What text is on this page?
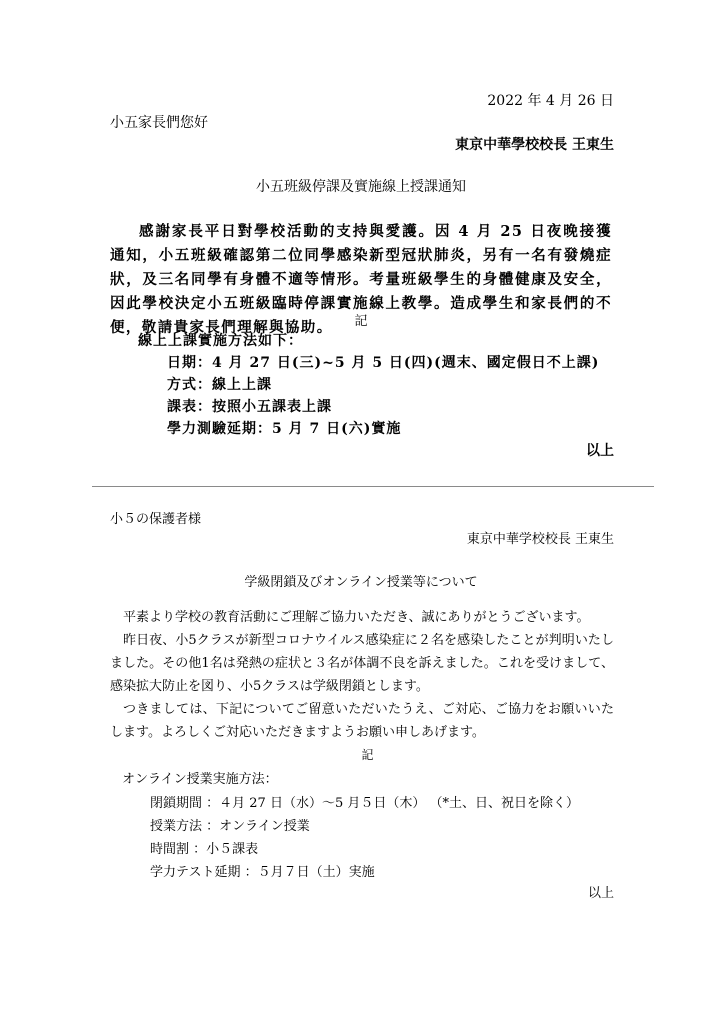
2022 年 4 月 26 日
小五家長們您好
東京中華學校校長 王東生
小五班級停課及實施線上授課通知

感謝家長平日對學校活動的支持與愛護。因 4 月 25 日夜晚接獲通知，小五班級確認第二位同學感染新型冠狀肺炎，另有一名有發燒症狀，及三名同學有身體不適等情形。考量班級學生的身體健康及安全，因此學校決定小五班級臨時停課實施線上教學。造成學生和家長們的不便，敬請貴家長們理解與協助。	記
線上上課實施方法如下：
日期：4 月 27 日(三)~5 月 5 日(四)(週末、國定假日不上課)
方式：線上上課
課表：按照小五課表上課
學力測驗延期：5 月 7 日(六)實施
以上
小５の保護者様
東京中華学校校長 王東生
学級閉鎖及びオンライン授業等について

平素より学校の教育活動にご理解ご協力いただき、誠にありがとうございます。

昨日夜、小5クラスが新型コロナウイルス感染症に２名を感染したことが判明いたしました。その他1名は発熱の症状と３名が体調不良を訴えました。これを受けまして、感染拡大防止を図り、小5クラスは学級閉鎖とします。

つきましては、下記についてご留意いただいたうえ、ご対応、ご協力をお願いいたします。よろしくご対応いただきますようお願い申しあげます。

記
オンライン授業実施方法：
閉鎖期間 ：４月 27 日（水）～5 月５日（木） （*土、日、祝日を除く）
授業方法 ：オンライン授業
時間割 ：小５課表
学力テスト延期 ：５月７日（土）実施
以上
